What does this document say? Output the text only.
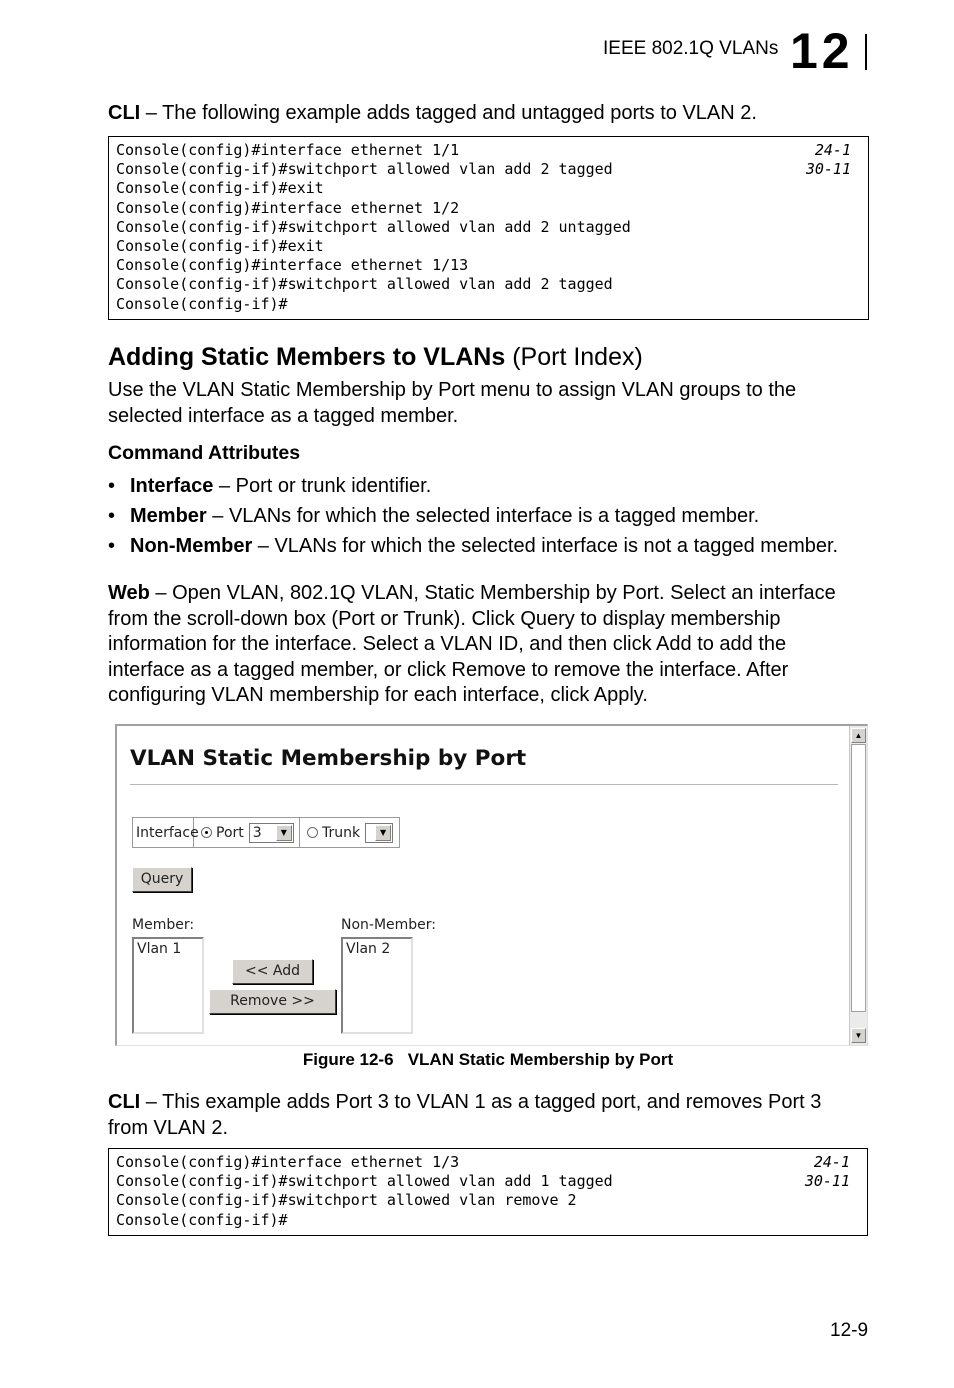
IEEE 802.1Q VLANs 12
CLI – The following example adds tagged and untagged ports to VLAN 2.
Console(config)#interface ethernet 1/1	24-1
Console(config-if)#switchport allowed vlan add 2 tagged	30-11
Console(config-if)#exit
Console(config)#interface ethernet 1/2
Console(config-if)#switchport allowed vlan add 2 untagged
Console(config-if)#exit
Console(config)#interface ethernet 1/13
Console(config-if)#switchport allowed vlan add 2 tagged
Console(config-if)#
Adding Static Members to VLANs (Port Index)
Use the VLAN Static Membership by Port menu to assign VLAN groups to the
selected interface as a tagged member.
Command Attributes
• Interface – Port or trunk identifier.
• Member – VLANs for which the selected interface is a tagged member.
• Non-Member – VLANs for which the selected interface is not a tagged member.
Web – Open VLAN, 802.1Q VLAN, Static Membership by Port. Select an interface
from the scroll-down box (Port or Trunk). Click Query to display membership
information for the interface. Select a VLAN ID, and then click Add to add the
interface as a tagged member, or click Remove to remove the interface. After
configuring VLAN membership for each interface, click Apply.
VLAN Static Membership by Port
Interface Port 3	▼	Trunk	▼
Query
Member:
Vlan 1
<< Add
Remove >>
Non-Member:
Vlan 2
▲
▼
Figure 12-6   VLAN Static Membership by Port
CLI – This example adds Port 3 to VLAN 1 as a tagged port, and removes Port 3
from VLAN 2.
Console(config)#interface ethernet 1/3	24-1
Console(config-if)#switchport allowed vlan add 1 tagged	30-11
Console(config-if)#switchport allowed vlan remove 2
Console(config-if)#
12-9
